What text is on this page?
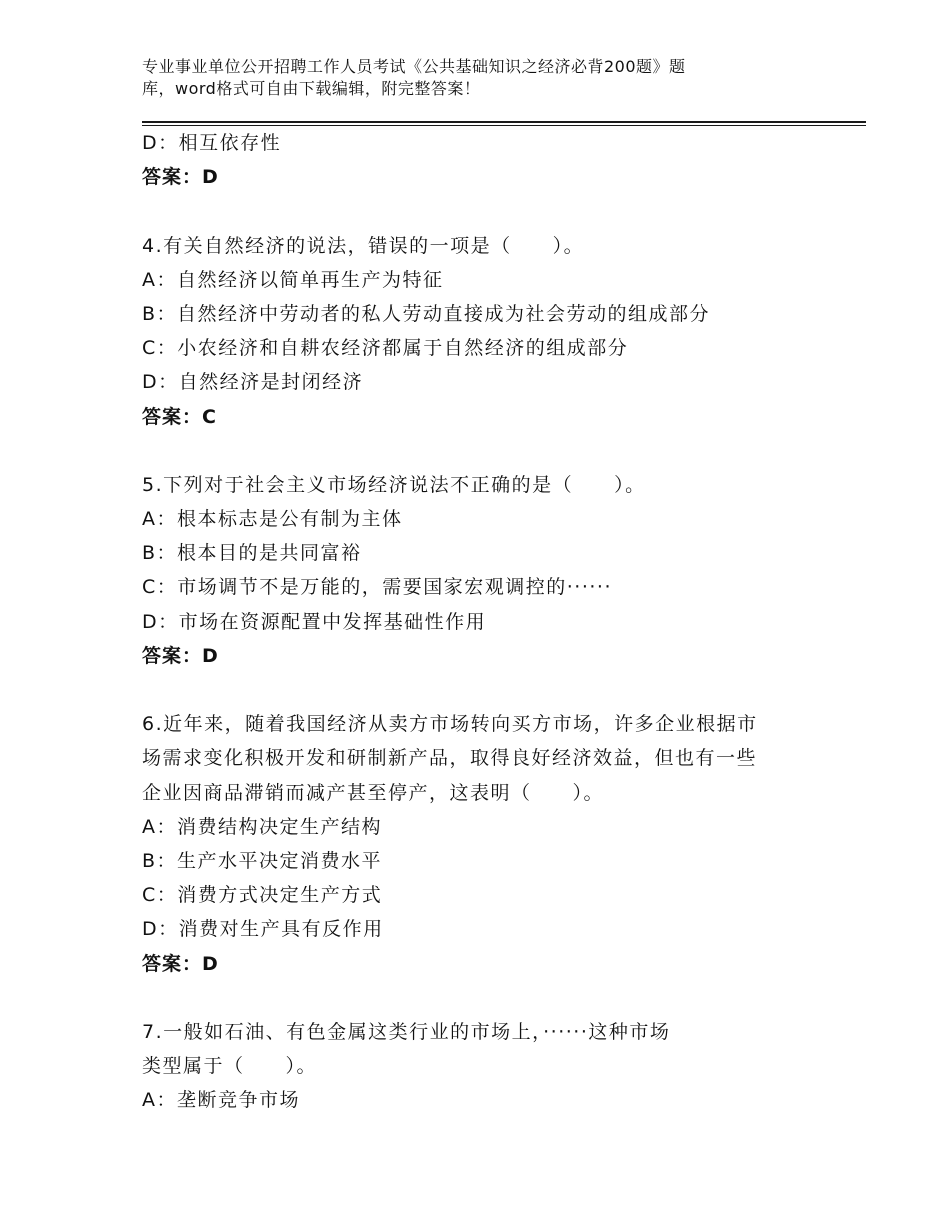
专业事业单位公开招聘工作人员考试《公共基础知识之经济必背200题》题
库，word格式可自由下载编辑，附完整答案！
D：相互依存性
答案：D
4.有关自然经济的说法，错误的一项是（　　）。
A：自然经济以简单再生产为特征
B：自然经济中劳动者的私人劳动直接成为社会劳动的组成部分
C：小农经济和自耕农经济都属于自然经济的组成部分
D：自然经济是封闭经济
答案：C
5.下列对于社会主义市场经济说法不正确的是（　　）。
A：根本标志是公有制为主体
B：根本目的是共同富裕
C：市场调节不是万能的，需要国家宏观调控的······
D：市场在资源配置中发挥基础性作用
答案：D
6.近年来，随着我国经济从卖方市场转向买方市场，许多企业根据市
场需求变化积极开发和研制新产品，取得良好经济效益，但也有一些
企业因商品滞销而减产甚至停产，这表明（　　）。
A：消费结构决定生产结构
B：生产水平决定消费水平
C：消费方式决定生产方式
D：消费对生产具有反作用
答案：D
7.一般如石油、有色金属这类行业的市场上，······这种市场
类型属于（　　）。
A：垄断竞争市场
